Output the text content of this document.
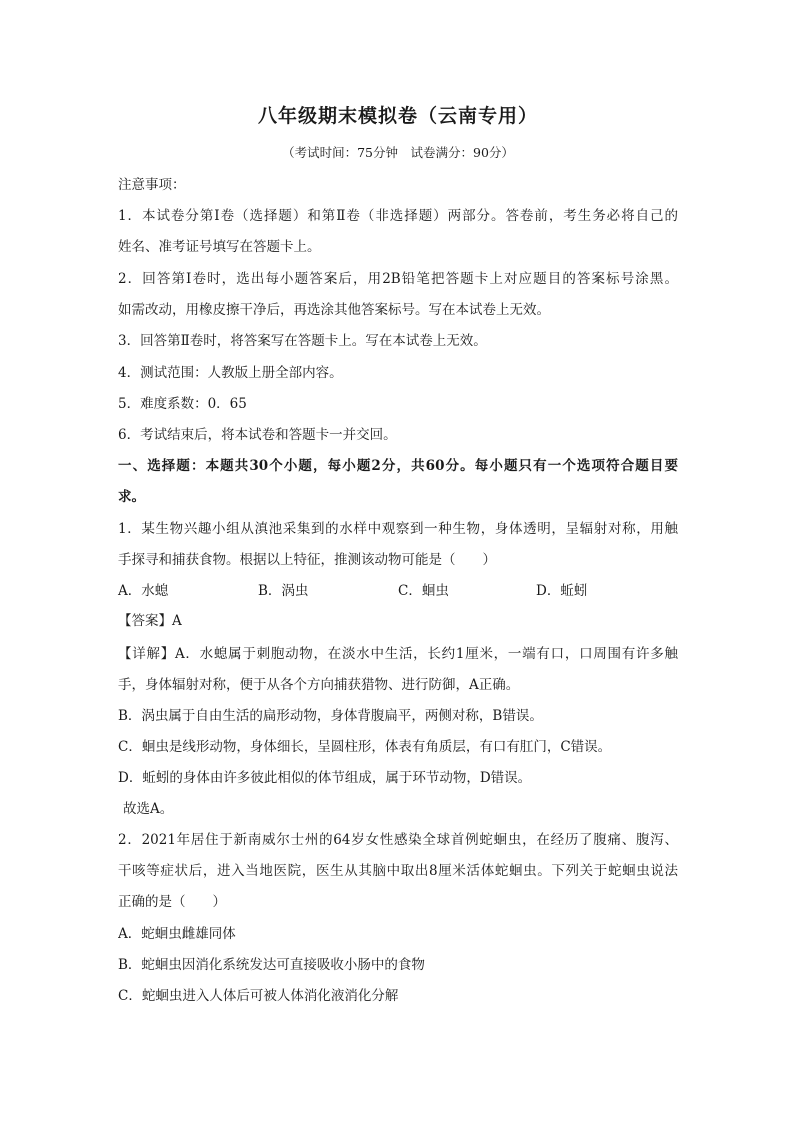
八年级期末模拟卷（云南专用）
（考试时间：75分钟　试卷满分：90分）
注意事项：
1．本试卷分第Ⅰ卷（选择题）和第Ⅱ卷（非选择题）两部分。答卷前，考生务必将自己的
姓名、准考证号填写在答题卡上。
2．回答第Ⅰ卷时，选出每小题答案后，用2B铅笔把答题卡上对应题目的答案标号涂黑。
如需改动，用橡皮擦干净后，再选涂其他答案标号。写在本试卷上无效。
3．回答第Ⅱ卷时，将答案写在答题卡上。写在本试卷上无效。
4．测试范围：人教版上册全部内容。
5．难度系数：0．65
6．考试结束后，将本试卷和答题卡一并交回。
一、选择题：本题共30个小题，每小题2分，共60分。每小题只有一个选项符合题目要
求。
1．某生物兴趣小组从滇池采集到的水样中观察到一种生物，身体透明，呈辐射对称，用触
手探寻和捕获食物。根据以上特征，推测该动物可能是（　　）
A．水螅	B．涡虫	C．蛔虫	D．蚯蚓
【答案】A
【详解】A．水螅属于刺胞动物，在淡水中生活，长约1厘米，一端有口，口周围有许多触
手，身体辐射对称，便于从各个方向捕获猎物、进行防御，A正确。
B．涡虫属于自由生活的扁形动物，身体背腹扁平，两侧对称，B错误。
C．蛔虫是线形动物，身体细长，呈圆柱形，体表有角质层，有口有肛门，C错误。
D．蚯蚓的身体由许多彼此相似的体节组成，属于环节动物，D错误。
故选A。
2．2021年居住于新南威尔士州的64岁女性感染全球首例蛇蛔虫，在经历了腹痛、腹泻、
干咳等症状后，进入当地医院，医生从其脑中取出8厘米活体蛇蛔虫。下列关于蛇蛔虫说法
正确的是（　　）
A．蛇蛔虫雌雄同体
B．蛇蛔虫因消化系统发达可直接吸收小肠中的食物
C．蛇蛔虫进入人体后可被人体消化液消化分解
